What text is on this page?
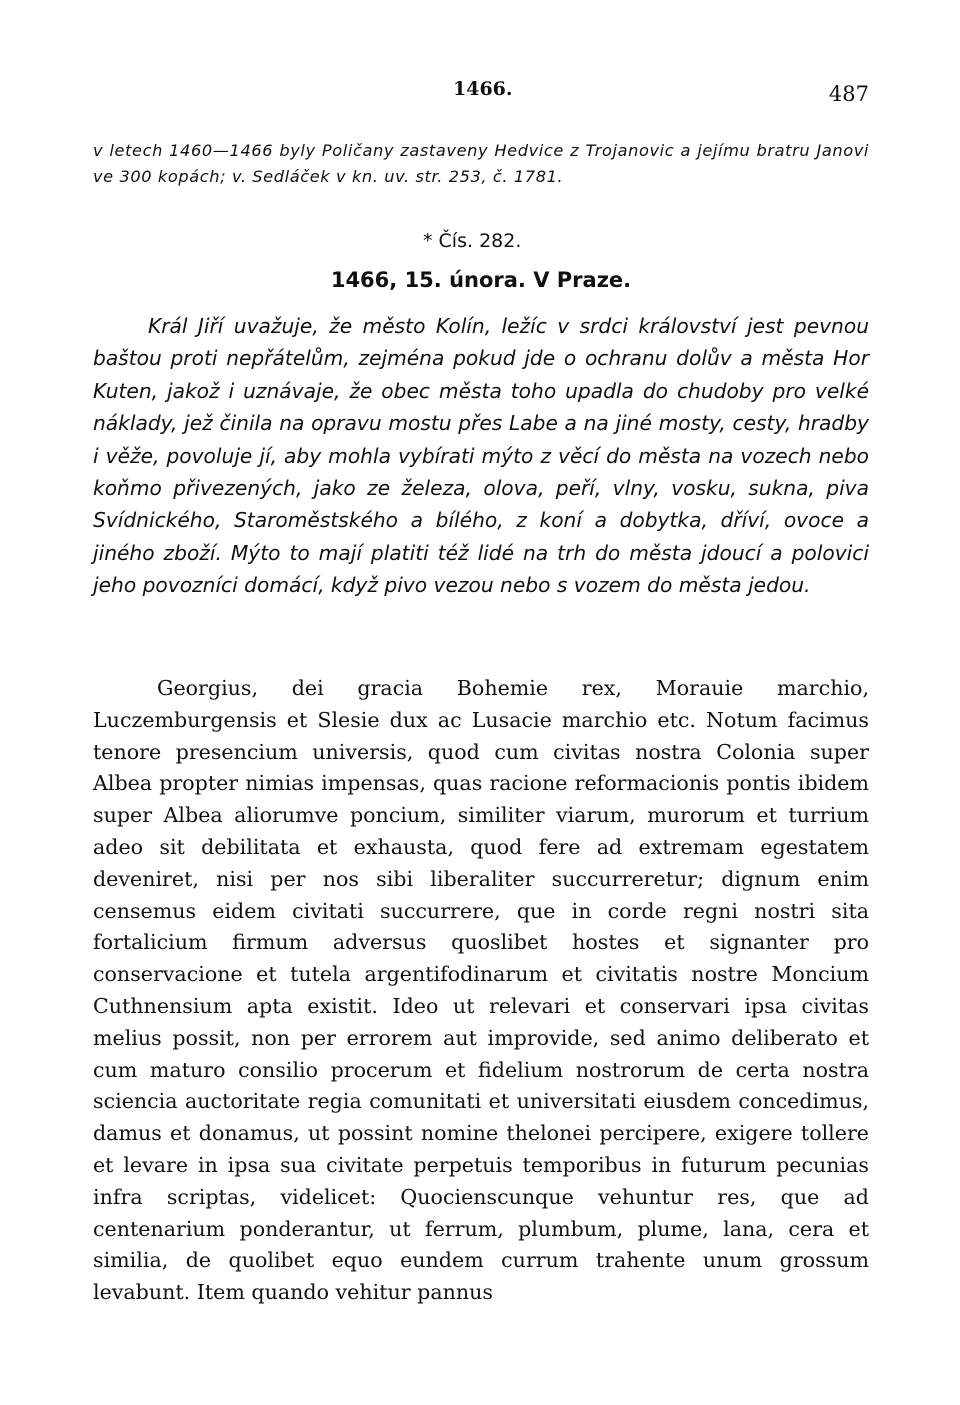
1466.	487
v letech 1460—1466 byly Poličany zastaveny Hedvice z Trojanovic a jejímu bratru Janovi ve 300 kopách; v. Sedláček v kn. uv. str. 253, č. 1781.
* Čís. 282.
1466, 15. února. V Praze.
Král Jiří uvažuje, že město Kolín, ležíc v srdci království jest pevnou baštou proti nepřátelům, zejména pokud jde o ochranu dolův a města Hor Kuten, jakož i uznávaje, že obec města toho upadla do chudoby pro velké náklady, jež činila na opravu mostu přes Labe a na jiné mosty, cesty, hradby i věže, povoluje jí, aby mohla vybírati mýto z věcí do města na vozech nebo koňmo přivezených, jako ze železa, olova, peří, vlny, vosku, sukna, piva Svídnického, Staroměstského a bílého, z koní a dobytka, dříví, ovoce a jiného zboží. Mýto to mají platiti též lidé na trh do města jdoucí a polovici jeho povozníci domácí, když pivo vezou nebo s vozem do města jedou.
Georgius, dei gracia Bohemie rex, Morauie marchio, Luczemburgensis et Slesie dux ac Lusacie marchio etc. Notum facimus tenore presencium universis, quod cum civitas nostra Colonia super Albea propter nimias impensas, quas racione reformacionis pontis ibidem super Albea aliorumve poncium, similiter viarum, murorum et turrium adeo sit debilitata et exhausta, quod fere ad extremam egestatem deveniret, nisi per nos sibi liberaliter succurreretur; dignum enim censemus eidem civitati succurrere, que in corde regni nostri sita fortalicium firmum adversus quoslibet hostes et signanter pro conservacione et tutela argentifodinarum et civitatis nostre Moncium Cuthnensium apta existit. Ideo ut relevari et conservari ipsa civitas melius possit, non per errorem aut improvide, sed animo deliberato et cum maturo consilio procerum et fidelium nostrorum de certa nostra sciencia auctoritate regia comunitati et universitati eiusdem concedimus, damus et donamus, ut possint nomine thelonei percipere, exigere tollere et levare in ipsa sua civitate perpetuis temporibus in futurum pecunias infra scriptas, videlicet: Quocienscunque vehuntur res, que ad centenarium ponderantur, ut ferrum, plumbum, plume, lana, cera et similia, de quolibet equo eundem currum trahente unum grossum levabunt. Item quando vehitur pannus
